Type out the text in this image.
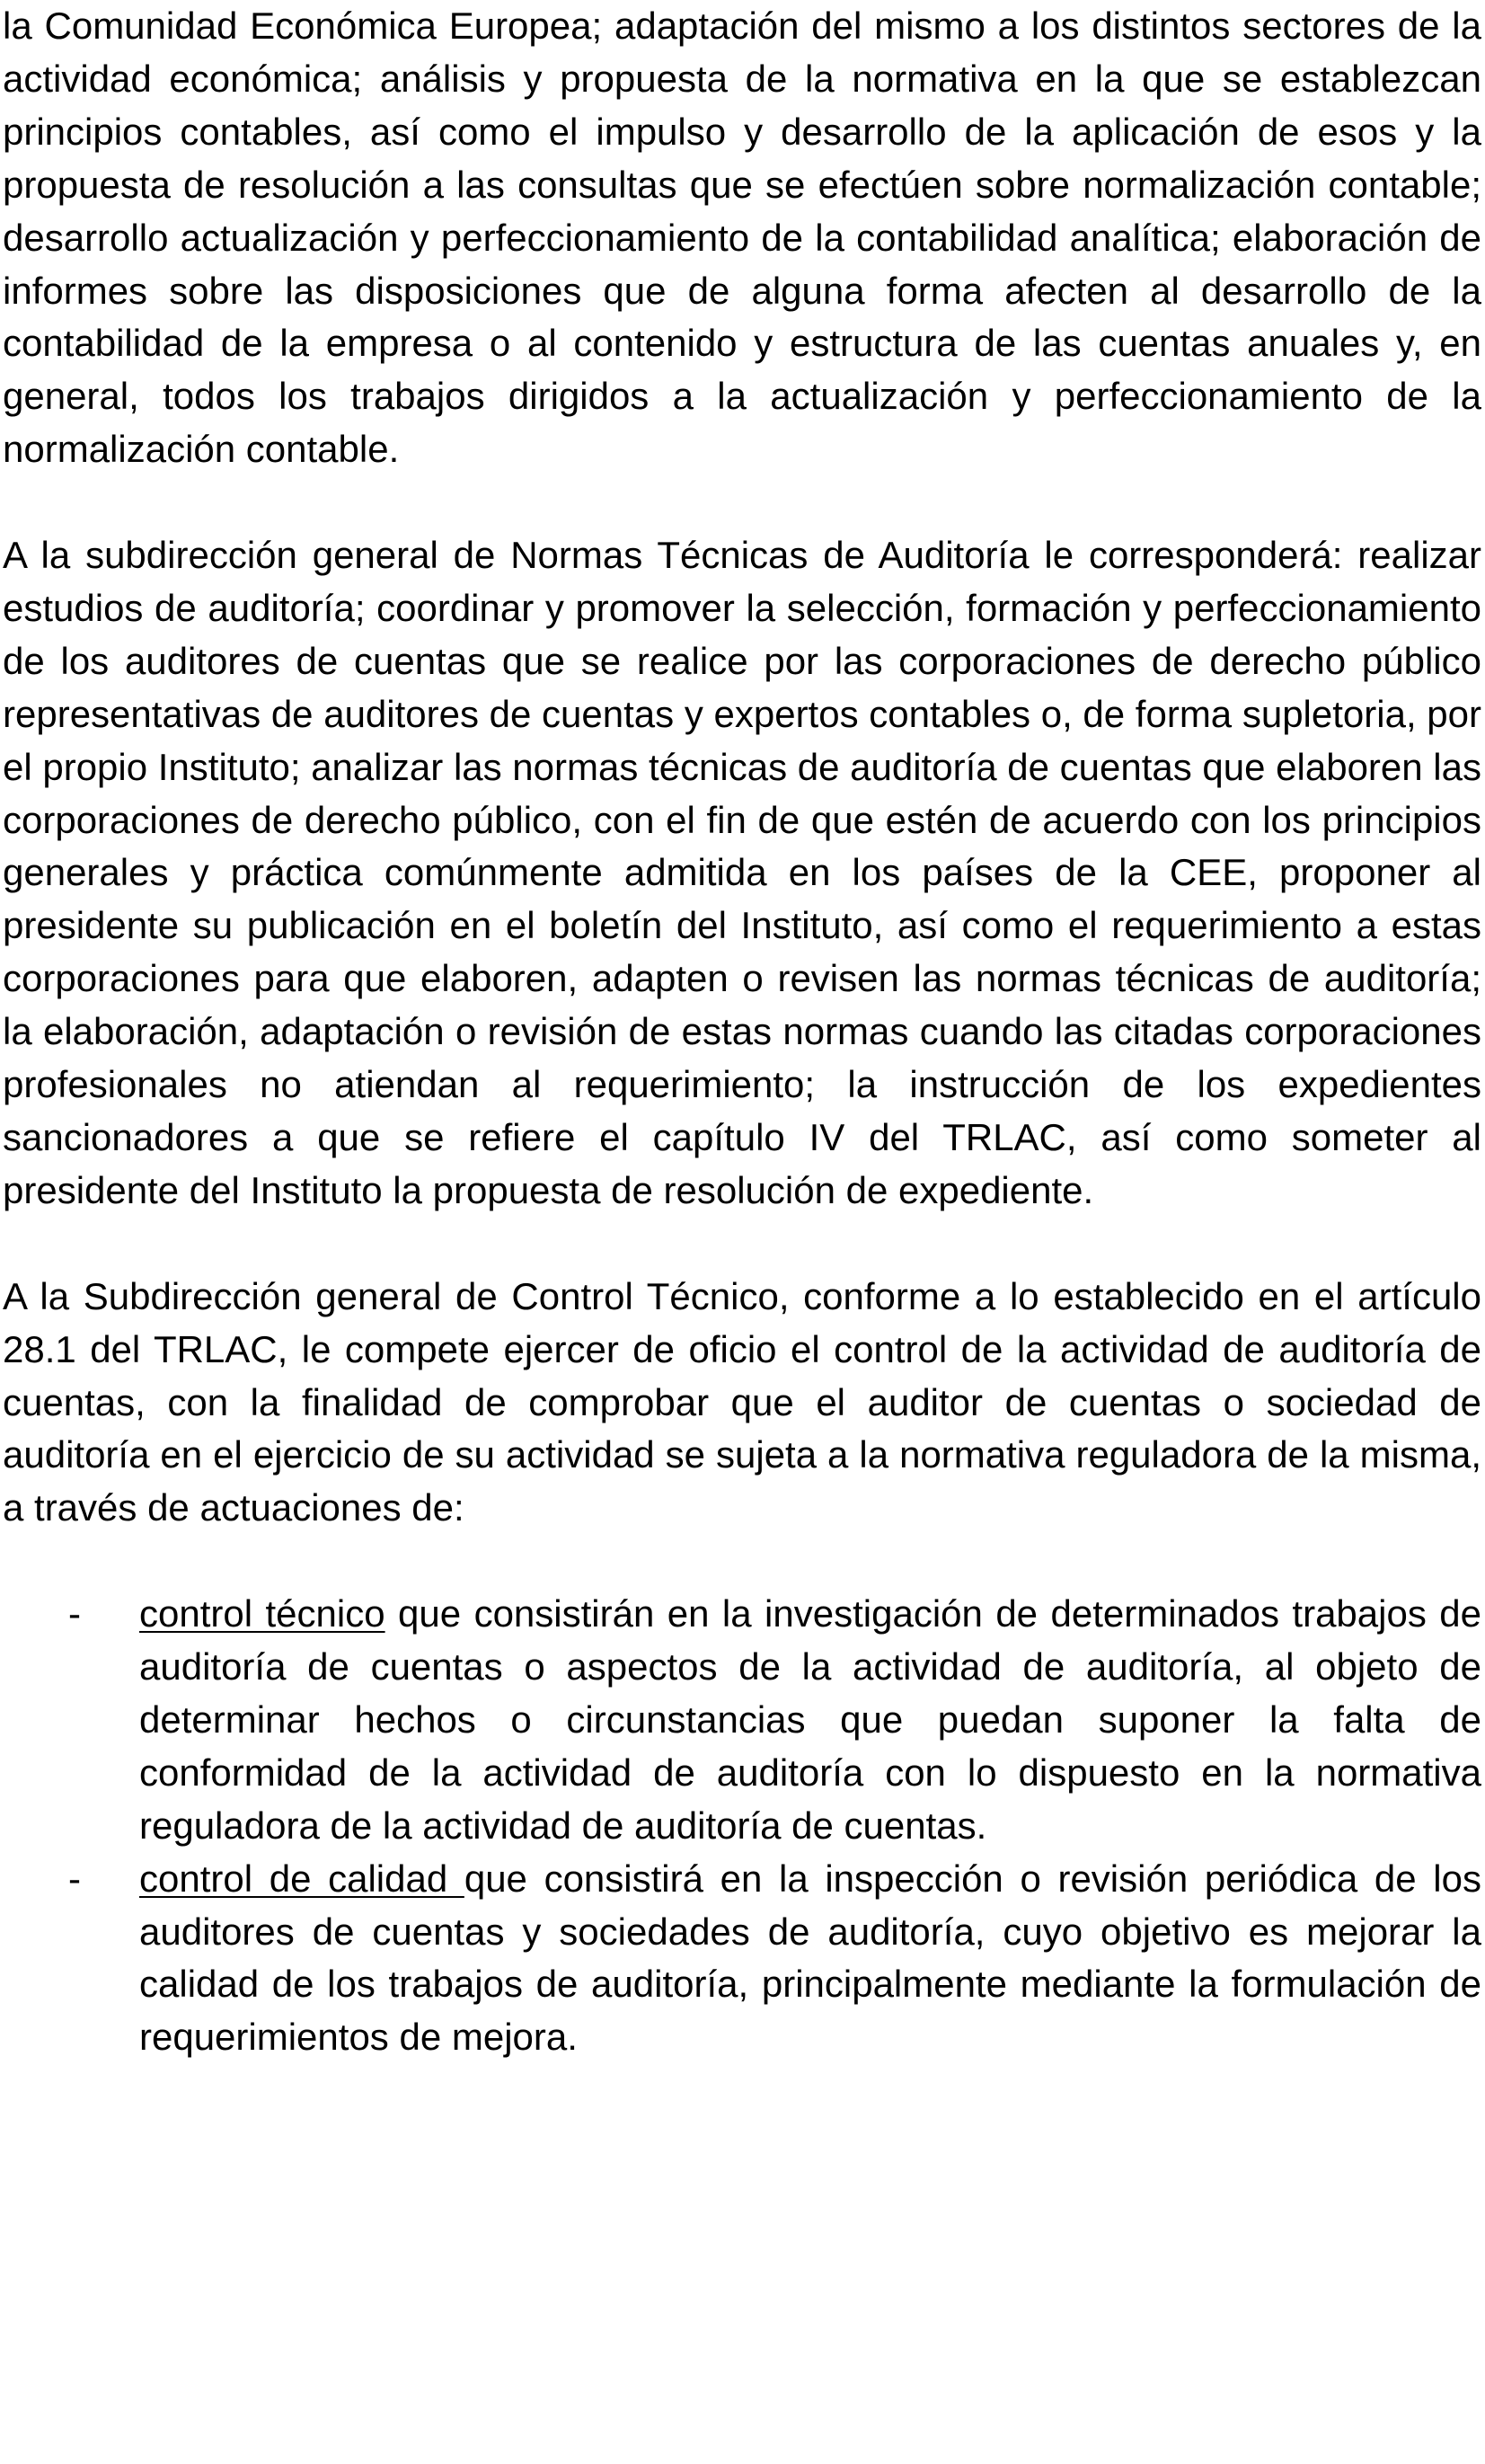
la Comunidad Económica Europea; adaptación del mismo a los distintos sectores de la actividad económica; análisis y propuesta de la normativa en la que se establezcan principios contables, así como el impulso y desarrollo de la aplicación de esos y la propuesta de resolución a las consultas que se efectúen sobre normalización contable; desarrollo actualización y perfeccionamiento de la contabilidad analítica; elaboración de informes sobre las disposiciones que de alguna forma afecten al desarrollo de la contabilidad de la empresa o al contenido y estructura de las cuentas anuales y, en general, todos los trabajos dirigidos a la actualización y perfeccionamiento de la normalización contable.

A la subdirección general de Normas Técnicas de Auditoría le corresponderá: realizar estudios de auditoría; coordinar y promover la selección, formación y perfeccionamiento de los auditores de cuentas que se realice por las corporaciones de derecho público representativas de auditores de cuentas y expertos contables o, de forma supletoria, por el propio Instituto; analizar las normas técnicas de auditoría de cuentas que elaboren las corporaciones de derecho público, con el fin de que estén de acuerdo con los principios generales y práctica comúnmente admitida en los países de la CEE, proponer al presidente su publicación en el boletín del Instituto, así como el requerimiento a estas corporaciones para que elaboren, adapten o revisen las normas técnicas de auditoría; la elaboración, adaptación o revisión de estas normas cuando las citadas corporaciones profesionales no atiendan al requerimiento; la instrucción de los expedientes sancionadores a que se refiere el capítulo IV del TRLAC, así como someter al presidente del Instituto la propuesta de resolución de expediente.

A la Subdirección general de Control Técnico, conforme a lo establecido en el artículo 28.1 del TRLAC, le compete ejercer de oficio el control de la actividad de auditoría de cuentas, con la finalidad de comprobar que el auditor de cuentas o sociedad de auditoría en el ejercicio de su actividad se sujeta a la normativa reguladora de la misma, a través de actuaciones de:

- control técnico que consistirán en la investigación de determinados trabajos de auditoría de cuentas o aspectos de la actividad de auditoría, al objeto de determinar hechos o circunstancias que puedan suponer la falta de conformidad de la actividad de auditoría con lo dispuesto en la normativa reguladora de la actividad de auditoría de cuentas.
- control de calidad que consistirá en la inspección o revisión periódica de los auditores de cuentas y sociedades de auditoría, cuyo objetivo es mejorar la calidad de los trabajos de auditoría, principalmente mediante la formulación de requerimientos de mejora.
